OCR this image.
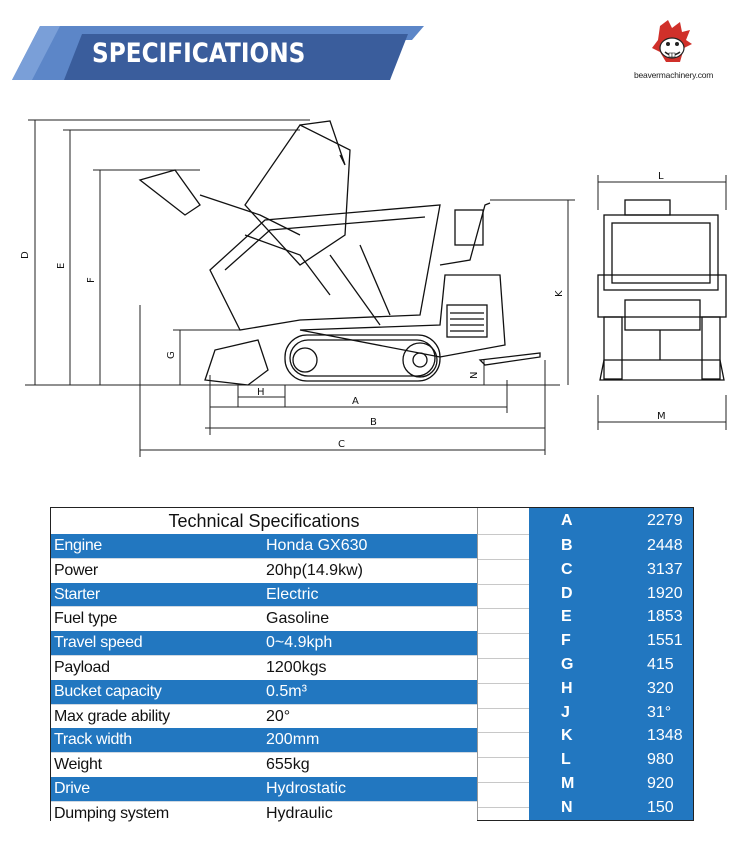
SPECIFICATIONS
beavermachinery.com
D
E
F
G
H
A
B
C
K
N
L
M
Technical Specifications
Engine	Honda GX630
Power	20hp(14.9kw)
Starter	Electric
Fuel type	Gasoline
Travel speed	0~4.9kph
Payload	1200kgs
Bucket capacity	0.5m³
Max grade ability	20°
Track width	200mm
Weight	655kg
Drive	Hydrostatic
Dumping system	Hydraulic
A	2279
B	2448
C	3137
D	1920
E	1853
F	1551
G	415
H	320
J	31°
K	1348
L	980
M	920
N	150
